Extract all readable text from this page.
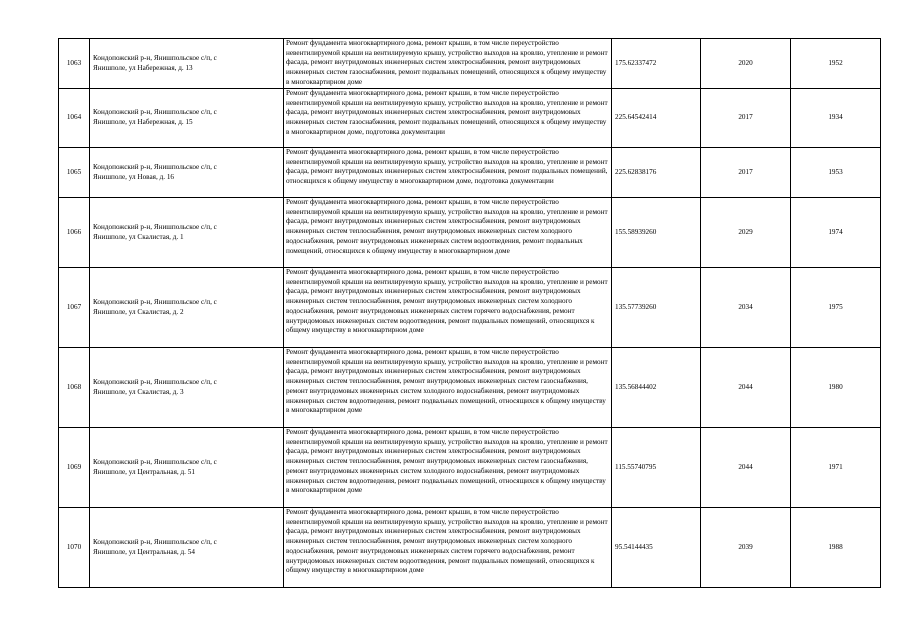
1063	Кондопожский р-н, Янишпольское с/п, с
Янишполе, ул Набережная, д. 13	Ремонт фундамента многоквартирного дома, ремонт крыши, в том числе переустройство невентилируемой крыши на вентилируемую крышу, устройство выходов на кровлю, утепление и ремонт фасада, ремонт внутридомовых инженерных систем электроснабжения, ремонт внутридомовых инженерных систем газоснабжения, ремонт подвальных помещений, относящихся к общему имуществу в многоквартирном доме	175.62337472	2020	1952
1064	Кондопожский р-н, Янишпольское с/п, с
Янишполе, ул Набережная, д. 15	Ремонт фундамента многоквартирного дома, ремонт крыши, в том числе переустройство невентилируемой крыши на вентилируемую крышу, устройство выходов на кровлю, утепление и ремонт фасада, ремонт внутридомовых инженерных систем электроснабжения, ремонт внутридомовых инженерных систем газоснабжения, ремонт подвальных помещений, относящихся к общему имуществу в многоквартирном доме, подготовка документации	225.64542414	2017	1934
1065	Кондопожский р-н, Янишпольское с/п, с
Янишполе, ул Новая, д. 16	Ремонт фундамента многоквартирного дома, ремонт крыши, в том числе переустройство невентилируемой крыши на вентилируемую крышу, устройство выходов на кровлю, утепление и ремонт фасада, ремонт внутридомовых инженерных систем электроснабжения, ремонт подвальных помещений, относящихся к общему имуществу в многоквартирном доме, подготовка документации	225.62838176	2017	1953
1066	Кондопожский р-н, Янишпольское с/п, с
Янишполе, ул Скалистая, д. 1	Ремонт фундамента многоквартирного дома, ремонт крыши, в том числе переустройство невентилируемой крыши на вентилируемую крышу, устройство выходов на кровлю, утепление и ремонт фасада, ремонт внутридомовых инженерных систем электроснабжения, ремонт внутридомовых инженерных систем теплоснабжения, ремонт внутридомовых инженерных систем холодного водоснабжения, ремонт внутридомовых инженерных систем водоотведения, ремонт подвальных помещений, относящихся к общему имуществу в многоквартирном доме	155.58939260	2029	1974
1067	Кондопожский р-н, Янишпольское с/п, с
Янишполе, ул Скалистая, д. 2	Ремонт фундамента многоквартирного дома, ремонт крыши, в том числе переустройство невентилируемой крыши на вентилируемую крышу, устройство выходов на кровлю, утепление и ремонт фасада, ремонт внутридомовых инженерных систем электроснабжения, ремонт внутридомовых инженерных систем теплоснабжения, ремонт внутридомовых инженерных систем холодного водоснабжения, ремонт внутридомовых инженерных систем горячего водоснабжения, ремонт внутридомовых инженерных систем водоотведения, ремонт подвальных помещений, относящихся к общему имуществу в многоквартирном доме	135.57739260	2034	1975
1068	Кондопожский р-н, Янишпольское с/п, с
Янишполе, ул Скалистая, д. 3	Ремонт фундамента многоквартирного дома, ремонт крыши, в том числе переустройство невентилируемой крыши на вентилируемую крышу, устройство выходов на кровлю, утепление и ремонт фасада, ремонт внутридомовых инженерных систем электроснабжения, ремонт внутридомовых инженерных систем теплоснабжения, ремонт внутридомовых инженерных систем газоснабжения, ремонт внутридомовых инженерных систем холодного водоснабжения, ремонт внутридомовых инженерных систем водоотведения, ремонт подвальных помещений, относящихся к общему имуществу в многоквартирном доме	135.56844402	2044	1980
1069	Кондопожский р-н, Янишпольское с/п, с
Янишполе, ул Центральная, д. 51	Ремонт фундамента многоквартирного дома, ремонт крыши, в том числе переустройство невентилируемой крыши на вентилируемую крышу, устройство выходов на кровлю, утепление и ремонт фасада, ремонт внутридомовых инженерных систем электроснабжения, ремонт внутридомовых инженерных систем теплоснабжения, ремонт внутридомовых инженерных систем газоснабжения, ремонт внутридомовых инженерных систем холодного водоснабжения, ремонт внутридомовых инженерных систем водоотведения, ремонт подвальных помещений, относящихся к общему имуществу в многоквартирном доме	115.55740795	2044	1971
1070	Кондопожский р-н, Янишпольское с/п, с
Янишполе, ул Центральная, д. 54	Ремонт фундамента многоквартирного дома, ремонт крыши, в том числе переустройство невентилируемой крыши на вентилируемую крышу, устройство выходов на кровлю, утепление и ремонт фасада, ремонт внутридомовых инженерных систем электроснабжения, ремонт внутридомовых инженерных систем теплоснабжения, ремонт внутридомовых инженерных систем холодного водоснабжения, ремонт внутридомовых инженерных систем горячего водоснабжения, ремонт внутридомовых инженерных систем водоотведения, ремонт подвальных помещений, относящихся к общему имуществу в многоквартирном доме	95.54144435	2039	1988
